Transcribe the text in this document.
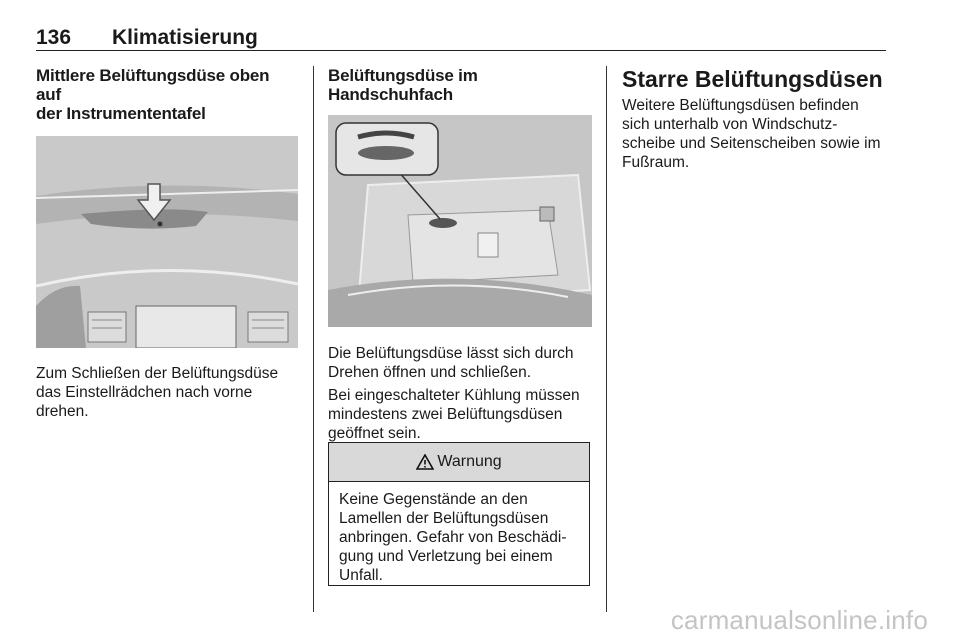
136 Klimatisierung
Mittlere Belüftungsdüse oben auf
der Instrumententafel

Zum Schließen der Belüftungsdüse
das Einstellrädchen nach vorne
drehen.

Belüftungsdüse im
Handschuhfach

Die Belüftungsdüse lässt sich durch
Drehen öffnen und schließen.

Bei eingeschalteter Kühlung müssen
mindestens zwei Belüftungsdüsen
geöffnet sein.

Warnung
Keine Gegenstände an den
Lamellen der Belüftungsdüsen
anbringen. Gefahr von Beschädi-
gung und Verletzung bei einem
Unfall.
Starre Belüftungsdüsen

Weitere Belüftungsdüsen befinden
sich unterhalb von Windschutz-
scheibe und Seitenscheiben sowie im
Fußraum.

carmanualsonline.info
